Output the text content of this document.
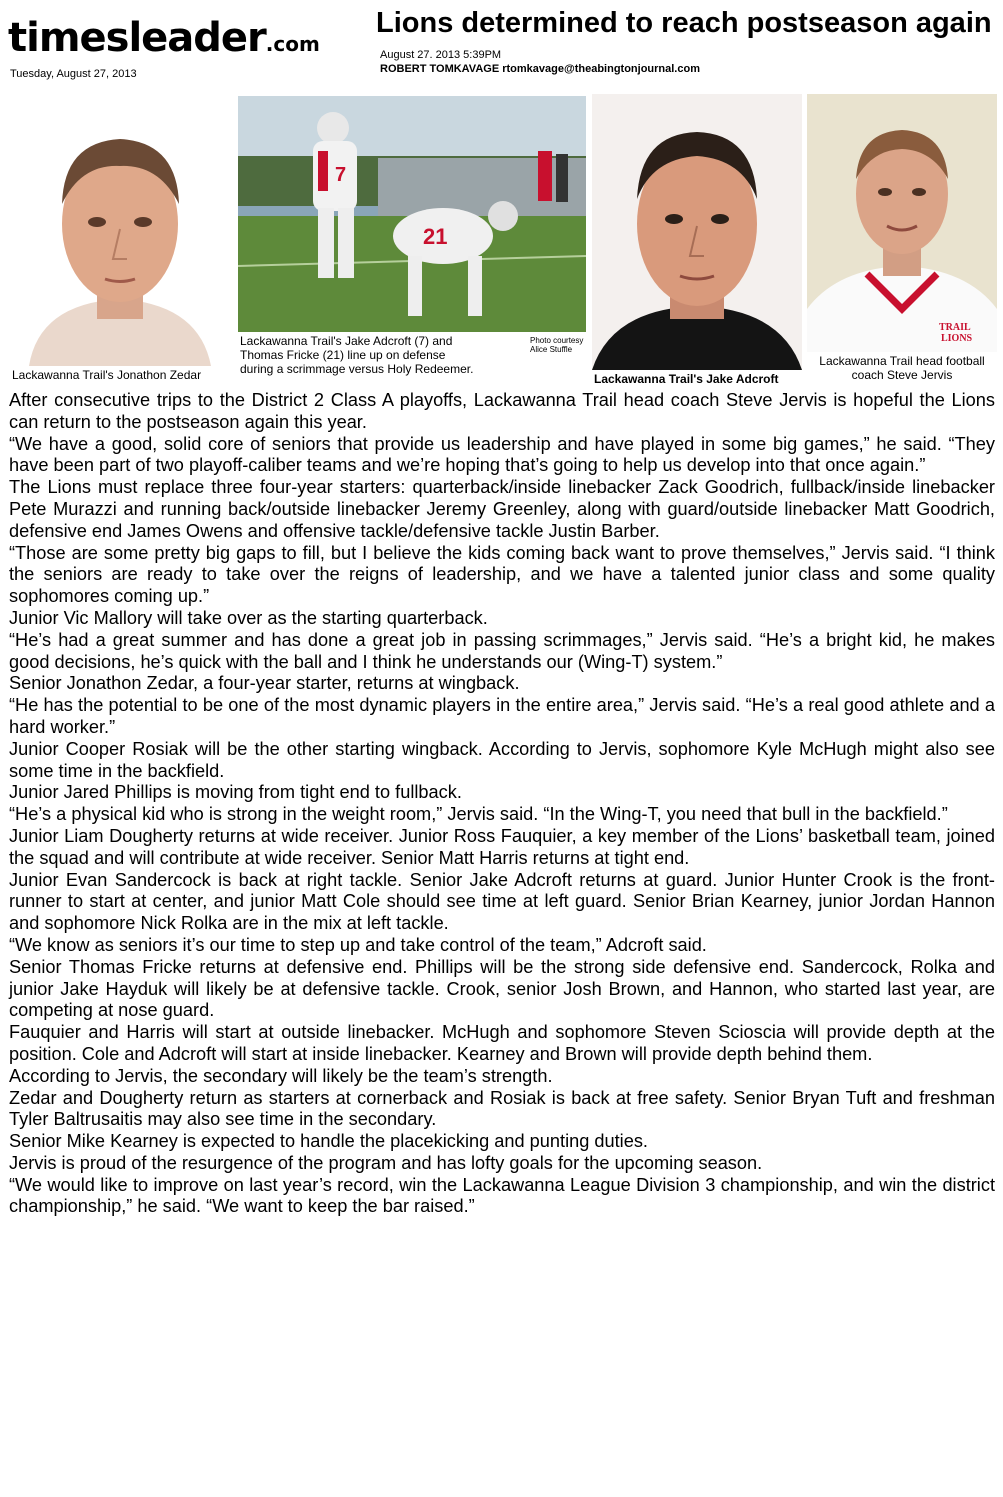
timesleader.com
Tuesday, August 27, 2013
Lions determined to reach postseason again
August 27. 2013 5:39PM
ROBERT TOMKAVAGE rtomkavage@theabingtonjournal.com
Lackawanna Trail's Jonathon Zedar
7
21
Lackawanna Trail's Jake Adcroft (7) and
Thomas Fricke (21) line up on defense
during a scrimmage versus Holy Redeemer.
Photo courtesy
Alice Stuffle
Lackawanna Trail's Jake Adcroft
TRAIL
LIONS
Lackawanna Trail head football
coach Steve Jervis

After consecutive trips to the District 2 Class A playoffs, Lackawanna Trail head coach Steve Jervis is hopeful the Lions can return to the postseason again this year.

“We have a good, solid core of seniors that provide us leadership and have played in some big games,” he said. “They have been part of two playoff-caliber teams and we’re hoping that’s going to help us develop into that once again.”

The Lions must replace three four-year starters: quarterback/inside linebacker Zack Goodrich, fullback/inside linebacker Pete Murazzi and running back/outside linebacker Jeremy Greenley, along with guard/outside linebacker Matt Goodrich, defensive end James Owens and offensive tackle/defensive tackle Justin Barber.

“Those are some pretty big gaps to fill, but I believe the kids coming back want to prove themselves,” Jervis said. “I think the seniors are ready to take over the reigns of leadership, and we have a talented junior class and some quality sophomores coming up.”

Junior Vic Mallory will take over as the starting quarterback.

“He’s had a great summer and has done a great job in passing scrimmages,” Jervis said. “He’s a bright kid, he makes good decisions, he’s quick with the ball and I think he understands our (Wing-T) system.”

Senior Jonathon Zedar, a four-year starter, returns at wingback.

“He has the potential to be one of the most dynamic players in the entire area,” Jervis said. “He’s a real good athlete and a hard worker.”

Junior Cooper Rosiak will be the other starting wingback. According to Jervis, sophomore Kyle McHugh might also see some time in the backfield.

Junior Jared Phillips is moving from tight end to fullback.

“He’s a physical kid who is strong in the weight room,” Jervis said. “In the Wing-T, you need that bull in the backfield.”

Junior Liam Dougherty returns at wide receiver. Junior Ross Fauquier, a key member of the Lions’ basketball team, joined the squad and will contribute at wide receiver. Senior Matt Harris returns at tight end.

Junior Evan Sandercock is back at right tackle. Senior Jake Adcroft returns at guard. Junior Hunter Crook is the front-runner to start at center, and junior Matt Cole should see time at left guard. Senior Brian Kearney, junior Jordan Hannon and sophomore Nick Rolka are in the mix at left tackle.

“We know as seniors it’s our time to step up and take control of the team,” Adcroft said.

Senior Thomas Fricke returns at defensive end. Phillips will be the strong side defensive end. Sandercock, Rolka and junior Jake Hayduk will likely be at defensive tackle. Crook, senior Josh Brown, and Hannon, who started last year, are competing at nose guard.

Fauquier and Harris will start at outside linebacker. McHugh and sophomore Steven Scioscia will provide depth at the position. Cole and Adcroft will start at inside linebacker. Kearney and Brown will provide depth behind them.

According to Jervis, the secondary will likely be the team’s strength.

Zedar and Dougherty return as starters at cornerback and Rosiak is back at free safety. Senior Bryan Tuft and freshman Tyler Baltrusaitis may also see time in the secondary.

Senior Mike Kearney is expected to handle the placekicking and punting duties.

Jervis is proud of the resurgence of the program and has lofty goals for the upcoming season.

“We would like to improve on last year’s record, win the Lackawanna League Division 3 championship, and win the district championship,” he said. “We want to keep the bar raised.”
